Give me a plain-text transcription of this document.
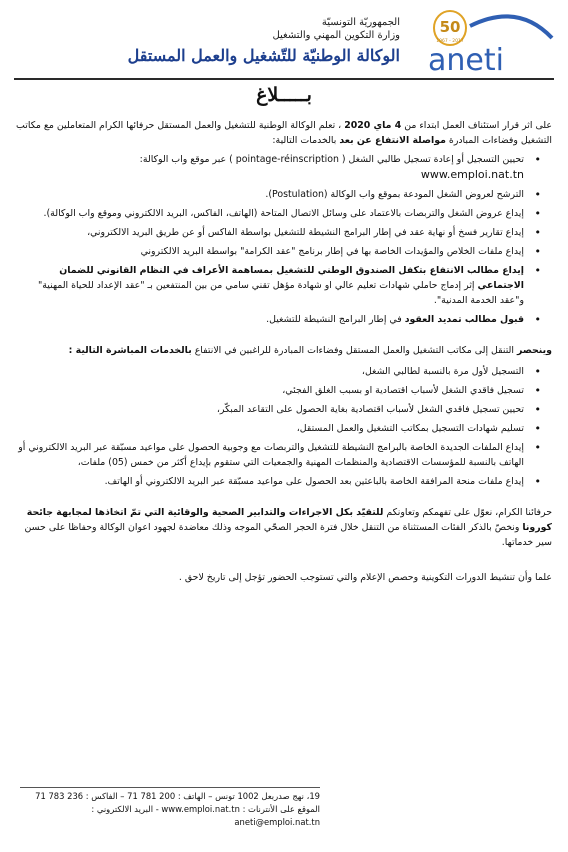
الجمهوريّة التونسيّة
وزارة التكوين المهني والتشغيل
الوكالة الوطنيّة للتّشغيل والعمل المستقل
50
1967 - 2017
aneti
بـــــلاغ

على اثر قرار استئناف العمل ابتداء من 4 ماي 2020 ، تعلم الوكالة الوطنية للتشغيل والعمل المستقل حرفائها الكرام المتعاملين مع مكاتب التشغيل وفضاءات المبادرة مواصلة الانتفاع عن بعد بالخدمات التالية:

• تحيين التسجيل أو إعادة تسجيل طالبي الشغل ( pointage-réinscription ) عبر موقع واب الوكالة:
www.emploi.nat.tn
• الترشح لعروض الشغل المودعة بموقع واب الوكالة (Postulation).
• إيداع عروض الشغل والتربصات بالاعتماد على وسائل الاتصال المتاحة (الهاتف، الفاكس، البريد الالكتروني وموقع واب الوكالة).
• إيداع تقارير فسخ أو نهاية عقد في إطار البرامج النشيطة للتشغيل بواسطة الفاكس أو عن طريق البريد الالكتروني،
• إيداع ملفات الخلاص والمؤيدات الخاصة بها في إطار برنامج "عقد الكرامة" بواسطة البريد الالكتروني
• إيداع مطالب الانتفاع بتكفل الصندوق الوطني للتشغيل بمساهمة الأعراف في النظام القانوني للضمان الاجتماعي إثر إدماج حاملي شهادات تعليم عالي او شهادة مؤهل تقني سامي من بين المنتفعين بـ "عقد الإعداد للحياة المهنية" و"عقد الخدمة المدنية".
• قبول مطالب تمديد العقود في إطار البرامج النشيطة للتشغيل.

وينحصر التنقل إلى مكاتب التشغيل والعمل المستقل وفضاءات المبادرة للراغبين في الانتفاع بالخدمات المباشرة التالية :

• التسجيل لأول مرة بالنسبة لطالبي الشغل،
• تسجيل فاقدي الشغل لأسباب اقتصادية او بسبب الغلق الفجئي،
• تحيين تسجيل فاقدي الشغل لأسباب اقتصادية بغاية الحصول على التقاعد المبكّر،
• تسليم شهادات التسجيل بمكاتب التشغيل والعمل المستقل،
• إيداع الملفات الجديدة الخاصة بالبرامج النشيطة للتشغيل والتربصات مع وجوبية الحصول على مواعيد مسبّقة عبر البريد الالكتروني أو الهاتف بالنسبة للمؤسسات الاقتصادية والمنظمات المهنية والجمعيات التي ستقوم بإيداع أكثر من خمس (05) ملفات،
• إيداع ملفات منحة المرافقة الخاصة بالباعثين بعد الحصول على مواعيد مسبّقة عبر البريد الالكتروني أو الهاتف.

حرفائنا الكرام، نعوّل على تفهمكم وتعاونكم للتقيّد بكل الاجراءات والتدابير الصحية والوقائية التي تمّ اتخاذها لمجابهة جائحة كورونا ونخصّ بالذكر الفئات المستثناة من التنقل خلال فترة الحجر الصحّي الموجه وذلك معاضدة لجهود اعوان الوكالة وحفاظا على حسن سير خدماتها.

علما وأن تنشيط الدورات التكوينية وحصص الإعلام والتي تستوجب الحضور تؤجل إلى تاريخ لاحق .

19، نهج صدربعل 1002 تونس – الهاتف : 200 781 71 – الفاكس : 236 783 71
الموقع على الأنترنات : www.emploi.nat.tn - البريد الالكتروني : aneti@emploi.nat.tn
